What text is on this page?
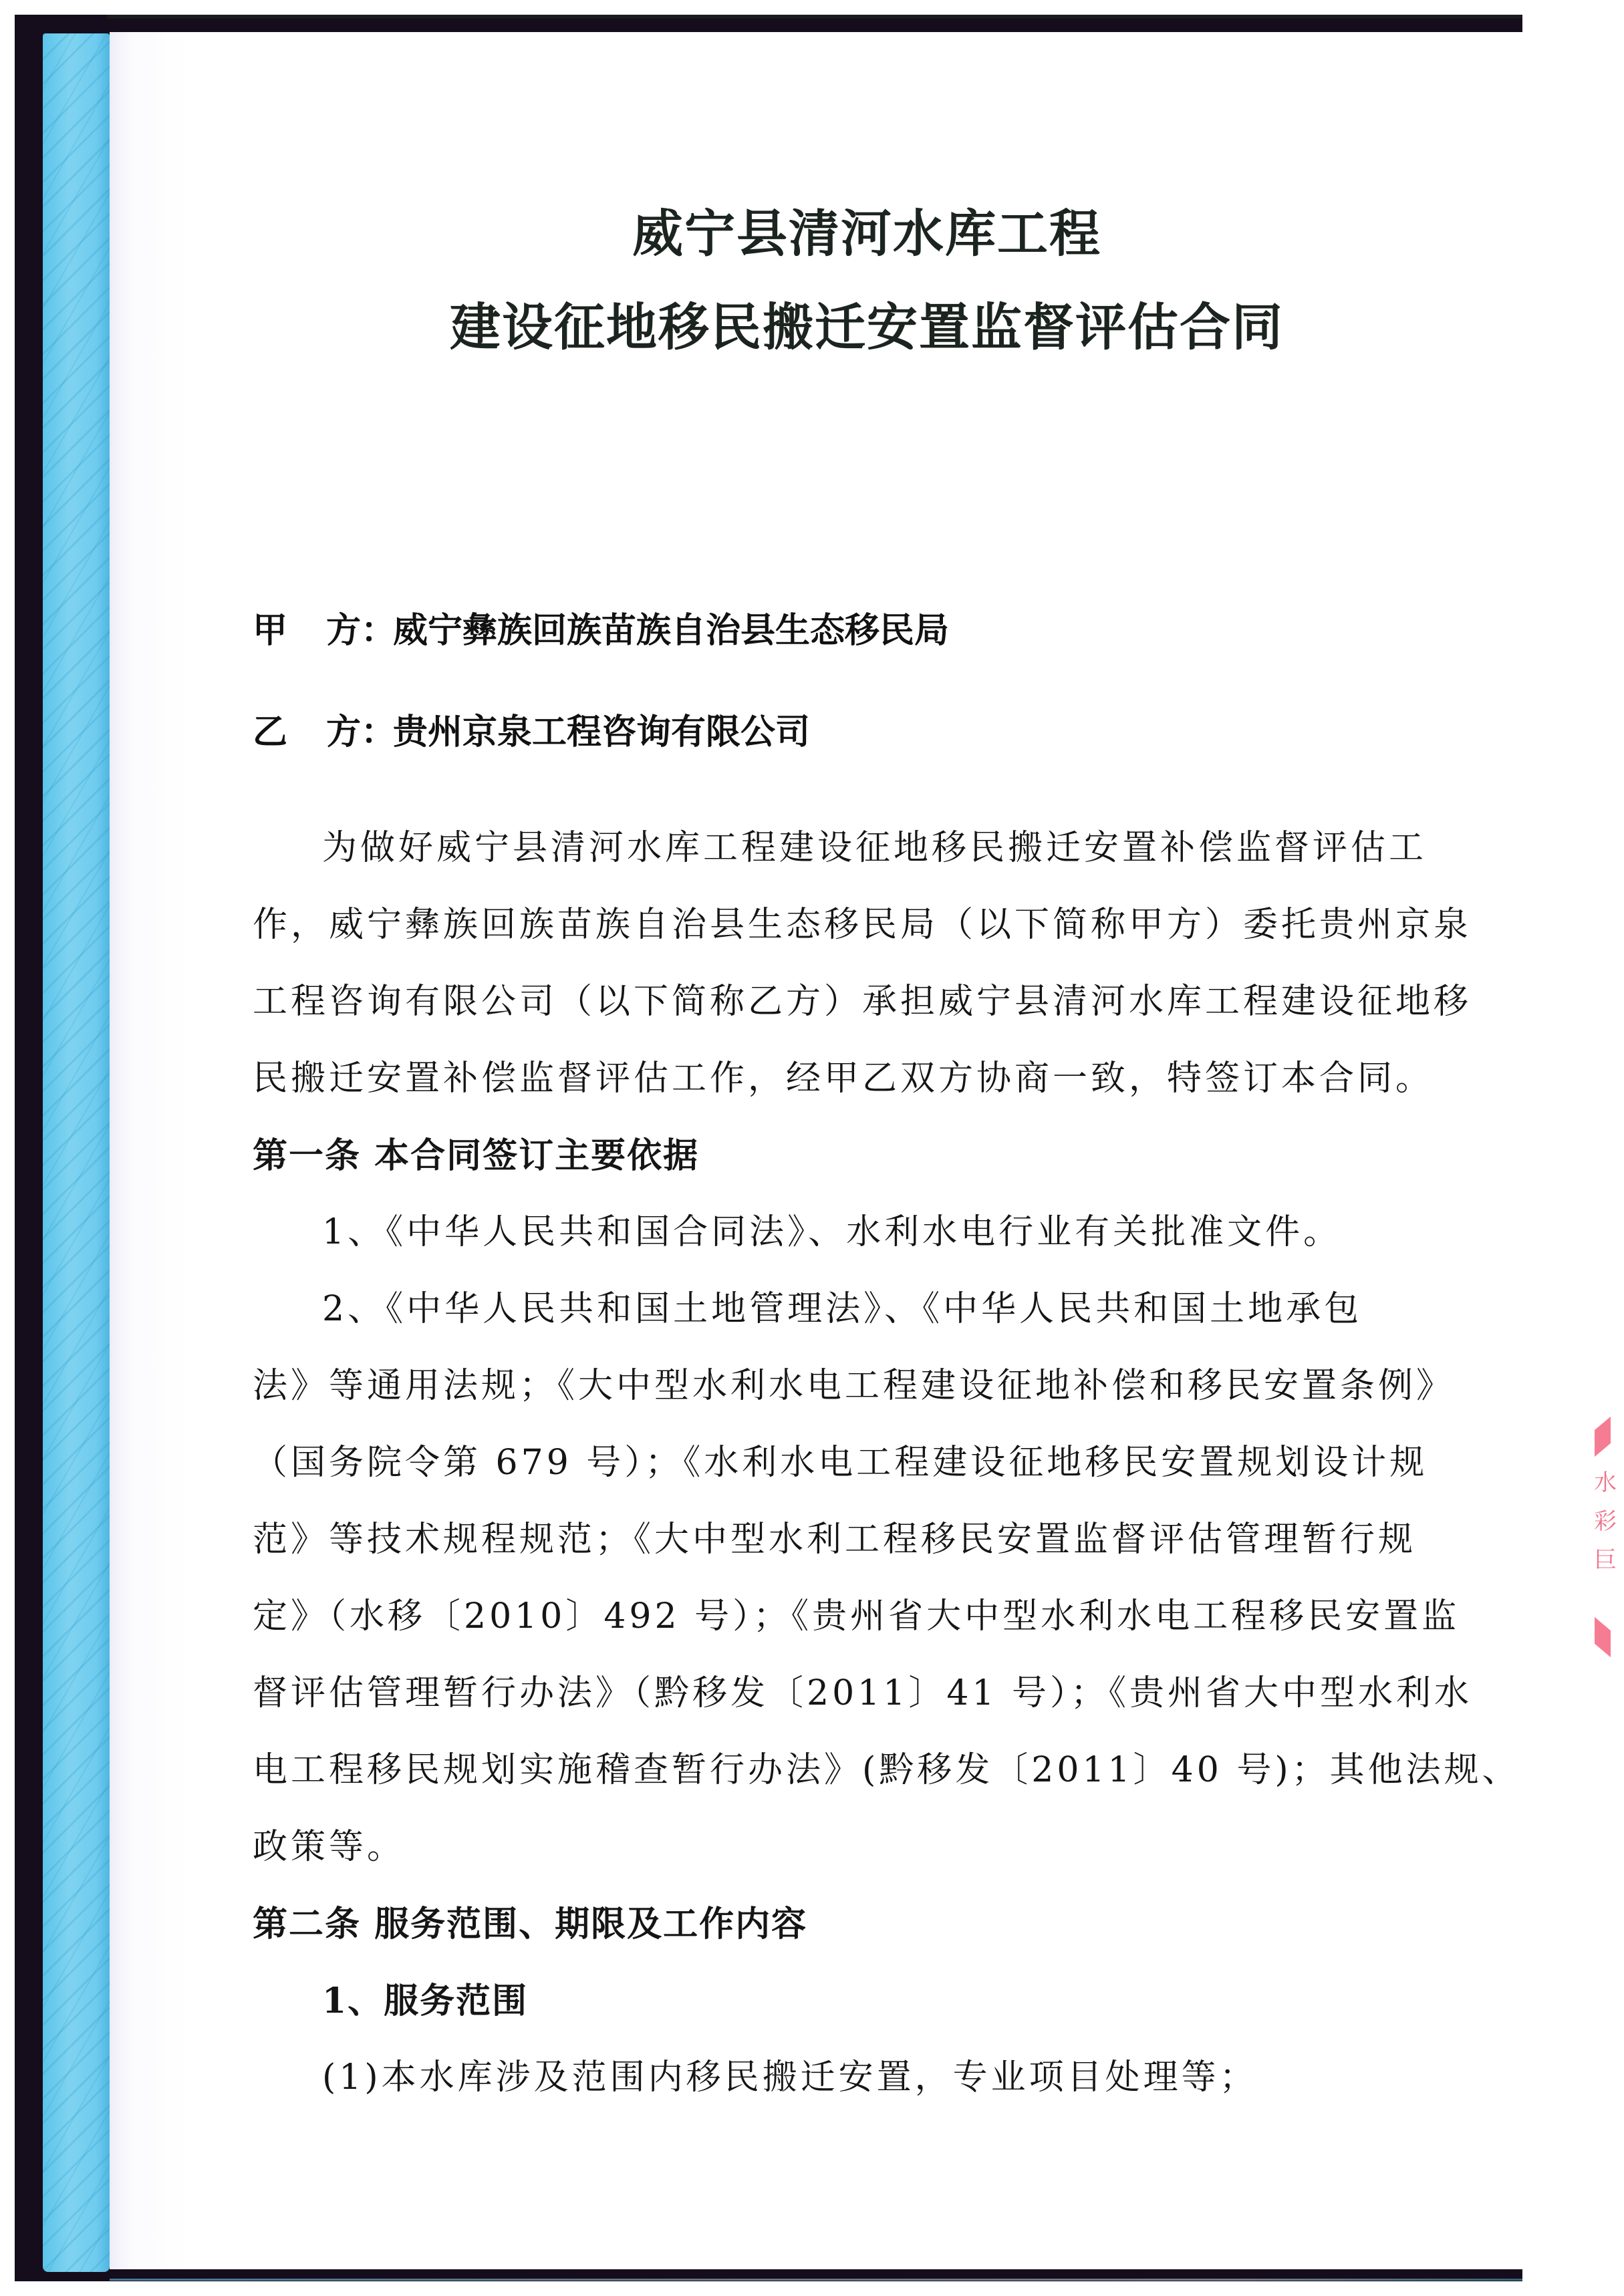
威宁县清河水库工程
建设征地移民搬迁安置监督评估合同
甲 方：威宁彝族回族苗族自治县生态移民局
乙 方：贵州京泉工程咨询有限公司
为做好威宁县清河水库工程建设征地移民搬迁安置补偿监督评估工
作，威宁彝族回族苗族自治县生态移民局（以下简称甲方）委托贵州京泉
工程咨询有限公司（以下简称乙方）承担威宁县清河水库工程建设征地移
民搬迁安置补偿监督评估工作，经甲乙双方协商一致，特签订本合同。
第一条 本合同签订主要依据
1、《中华人民共和国合同法》、水利水电行业有关批准文件。
2、《中华人民共和国土地管理法》、《中华人民共和国土地承包
法》等通用法规；《大中型水利水电工程建设征地补偿和移民安置条例》
（国务院令第 679 号）；《水利水电工程建设征地移民安置规划设计规
范》等技术规程规范；《大中型水利工程移民安置监督评估管理暂行规
定》（水移〔2010〕492 号）；《贵州省大中型水利水电工程移民安置监
督评估管理暂行办法》（黔移发〔2011〕41 号）；《贵州省大中型水利水
电工程移民规划实施稽查暂行办法》(黔移发〔2011〕40 号)；其他法规、
政策等。
第二条 服务范围、期限及工作内容
1、服务范围
(1)本水库涉及范围内移民搬迁安置，专业项目处理等；
水
彩
巨
